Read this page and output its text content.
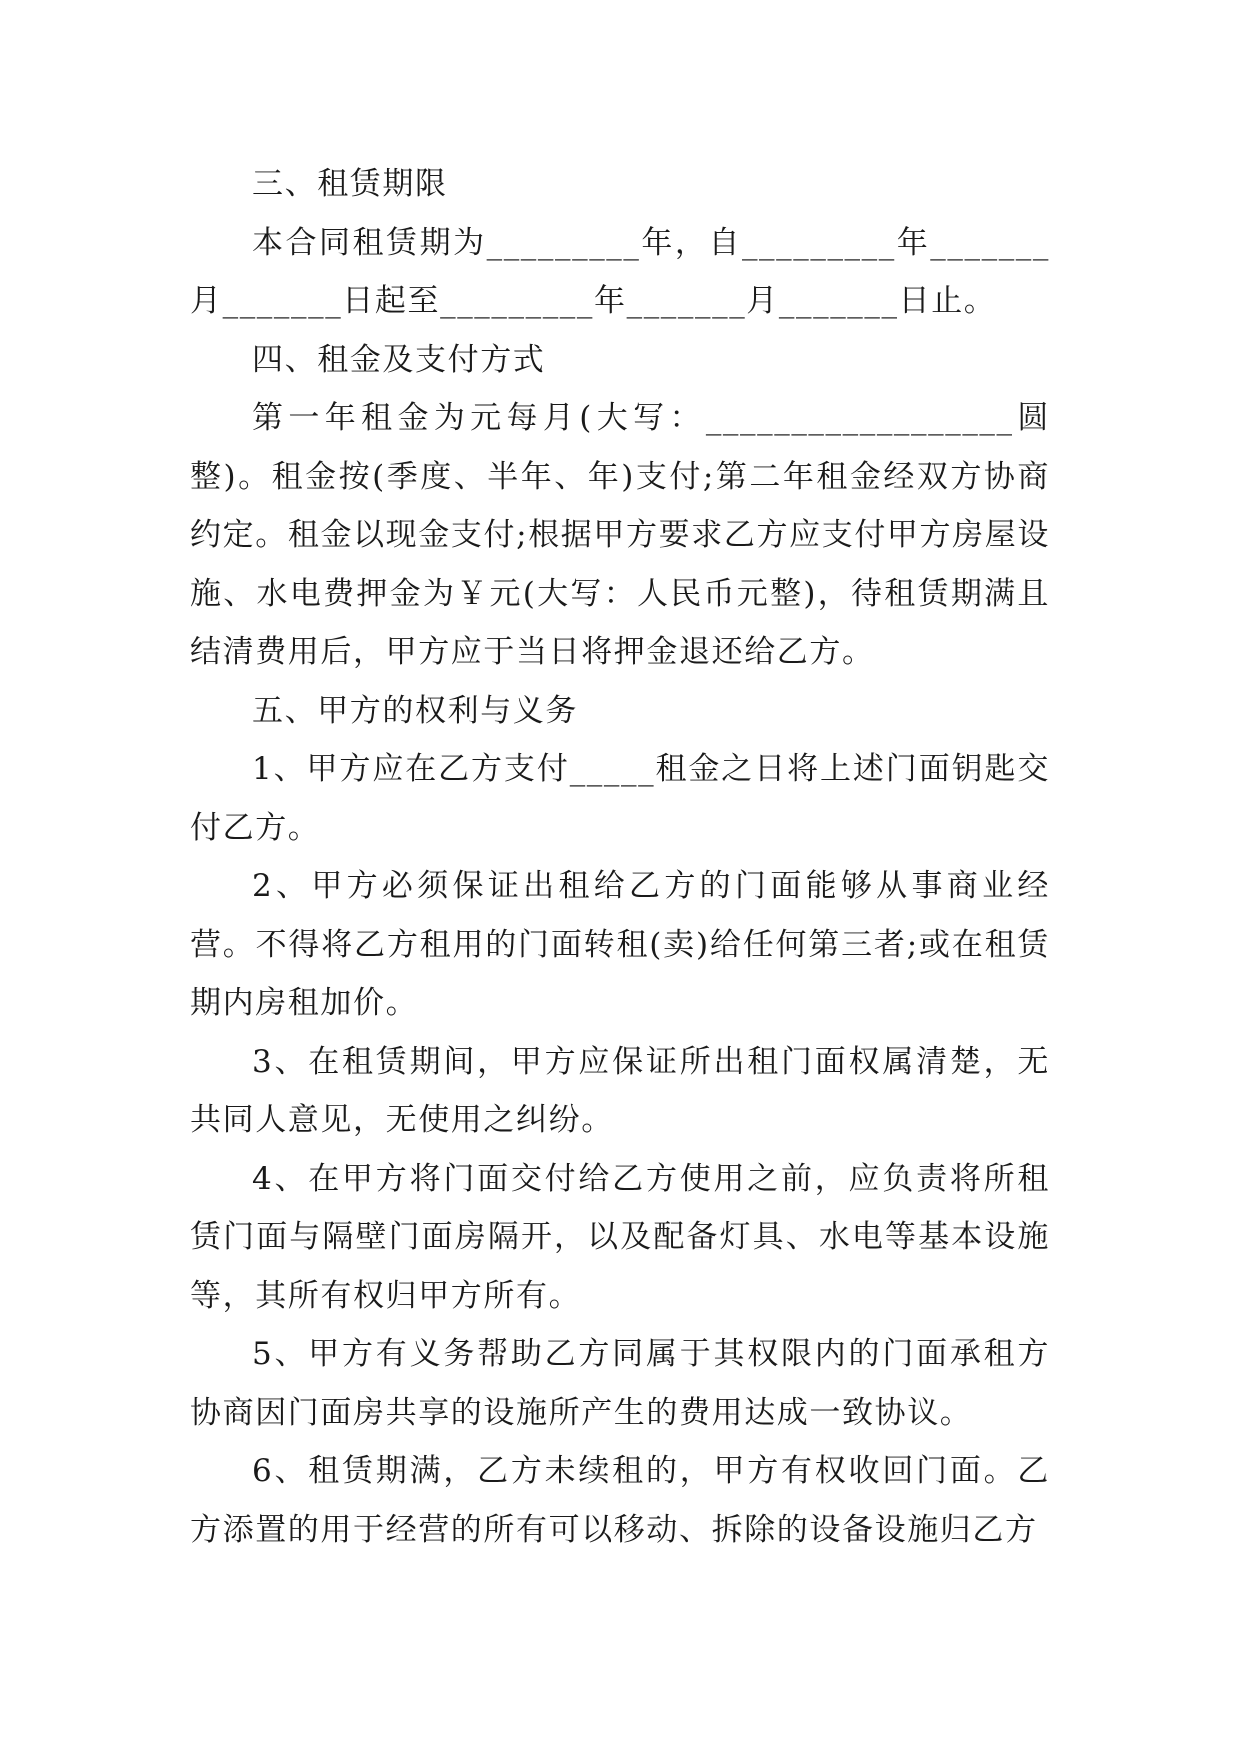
三、租赁期限

本合同租赁期为_________年，自_________年_______月_______日起至_________年_______月_______日止。

四、租金及支付方式

第一年租金为元每月(大写：__________________圆整)。租金按(季度、半年、年)支付;第二年租金经双方协商约定。租金以现金支付;根据甲方要求乙方应支付甲方房屋设施、水电费押金为￥元(大写：人民币元整)，待租赁期满且结清费用后，甲方应于当日将押金退还给乙方。

五、甲方的权利与义务

1、甲方应在乙方支付_____租金之日将上述门面钥匙交付乙方。

2、甲方必须保证出租给乙方的门面能够从事商业经营。不得将乙方租用的门面转租(卖)给任何第三者;或在租赁期内房租加价。

3、在租赁期间，甲方应保证所出租门面权属清楚，无共同人意见，无使用之纠纷。

4、在甲方将门面交付给乙方使用之前，应负责将所租赁门面与隔壁门面房隔开，以及配备灯具、水电等基本设施等，其所有权归甲方所有。

5、甲方有义务帮助乙方同属于其权限内的门面承租方协商因门面房共享的设施所产生的费用达成一致协议。

6、租赁期满，乙方未续租的，甲方有权收回门面。乙方添置的用于经营的所有可以移动、拆除的设备设施归乙方
